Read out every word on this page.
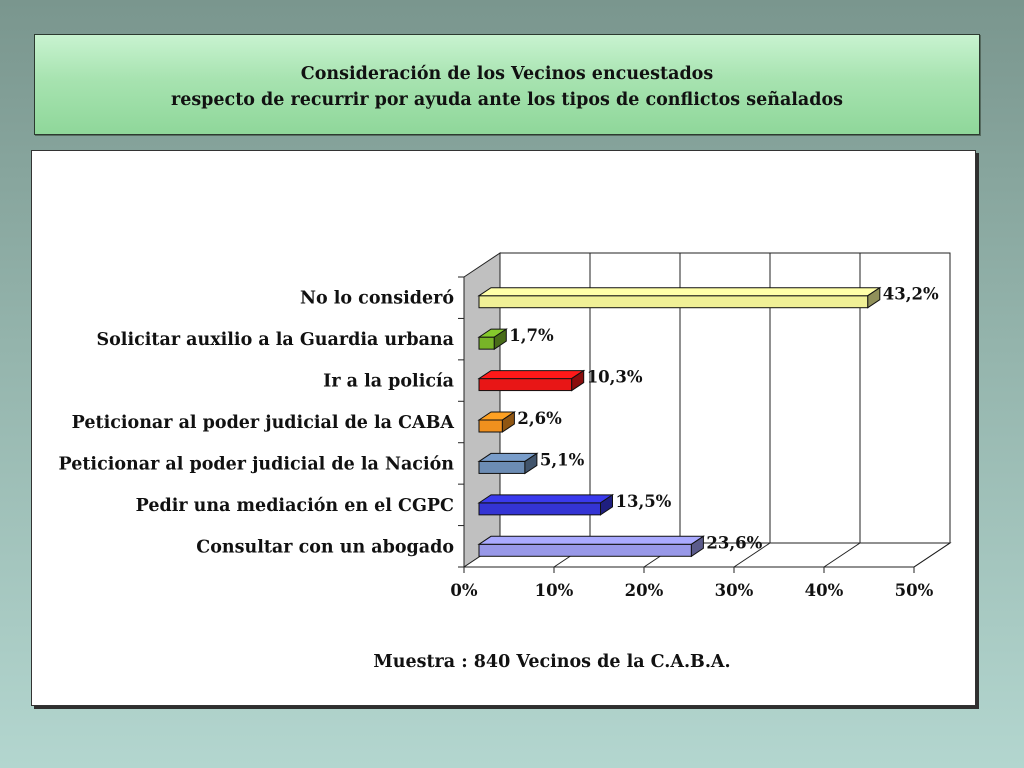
Consideración de los Vecinos encuestados
respecto de recurrir por ayuda ante los tipos de conflictos señalados
No lo consideró
Solicitar auxilio a la Guardia urbana
Ir a la policía
Peticionar al poder judicial de la CABA
Peticionar al poder judicial de la Nación
Pedir una mediación en el CGPC
Consultar con un abogado
0%	10%	20%	30%	40%	50%
43,2%
1,7%
10,3%
2,6%
5,1%
13,5%
23,6%
Muestra : 840 Vecinos de la C.A.B.A.
